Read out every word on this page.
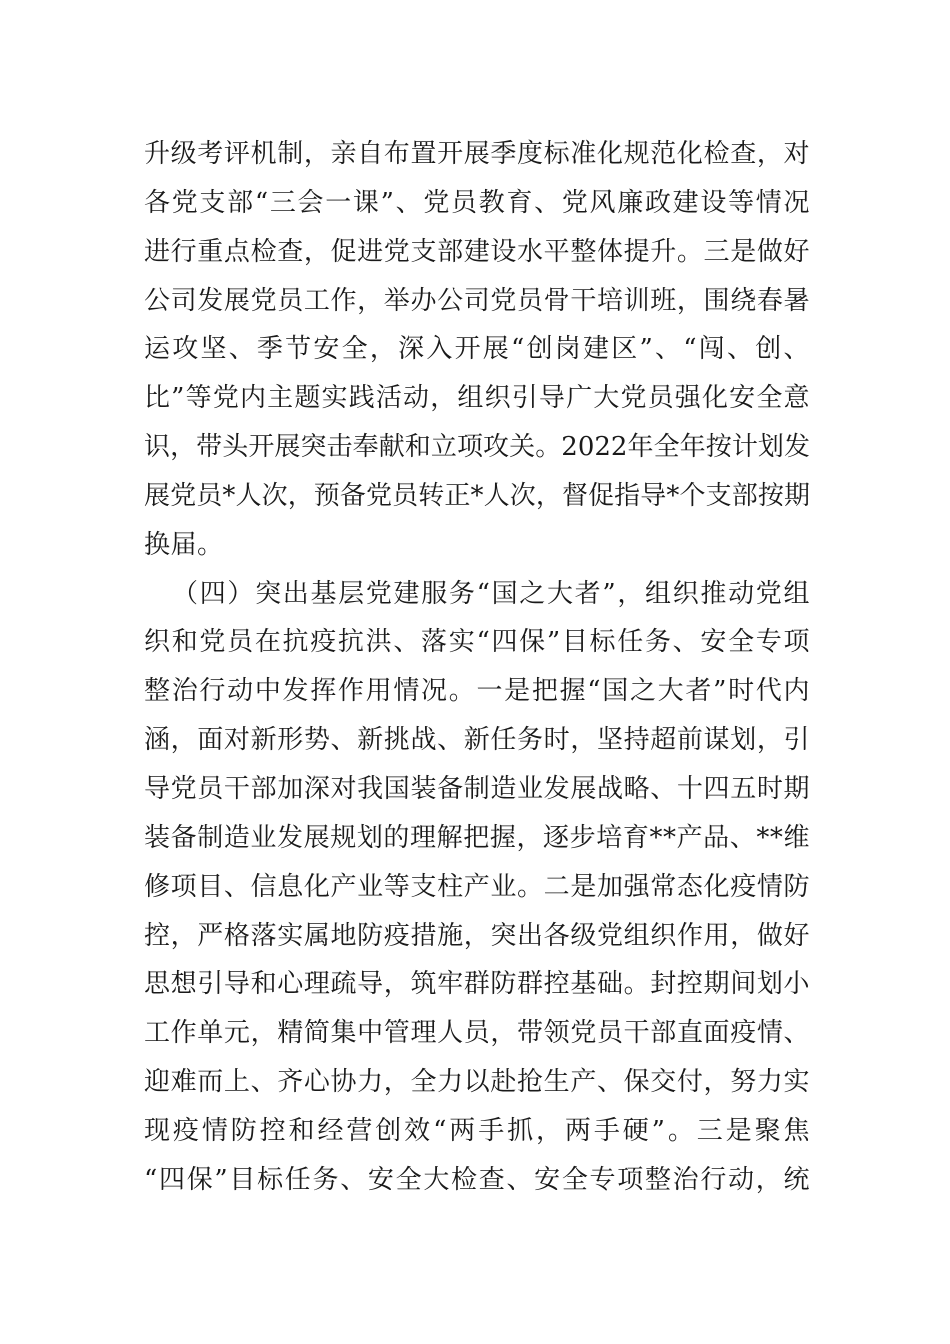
升级考评机制，亲自布置开展季度标准化规范化检查，对
各党支部“三会一课”、党员教育、党风廉政建设等情况
进行重点检查，促进党支部建设水平整体提升。三是做好
公司发展党员工作，举办公司党员骨干培训班，围绕春暑
运攻坚、季节安全，深入开展“创岗建区”、“闯、创、
比”等党内主题实践活动，组织引导广大党员强化安全意
识，带头开展突击奉献和立项攻关。2022年全年按计划发
展党员*人次，预备党员转正*人次，督促指导*个支部按期
换届。
（四）突出基层党建服务“国之大者”，组织推动党组
织和党员在抗疫抗洪、落实“四保”目标任务、安全专项
整治行动中发挥作用情况。一是把握“国之大者”时代内
涵，面对新形势、新挑战、新任务时，坚持超前谋划，引
导党员干部加深对我国装备制造业发展战略、十四五时期
装备制造业发展规划的理解把握，逐步培育**产品、**维
修项目、信息化产业等支柱产业。二是加强常态化疫情防
控，严格落实属地防疫措施，突出各级党组织作用，做好
思想引导和心理疏导，筑牢群防群控基础。封控期间划小
工作单元，精简集中管理人员，带领党员干部直面疫情、
迎难而上、齐心协力，全力以赴抢生产、保交付，努力实
现疫情防控和经营创效“两手抓，两手硬”。三是聚焦
“四保”目标任务、安全大检查、安全专项整治行动，统
